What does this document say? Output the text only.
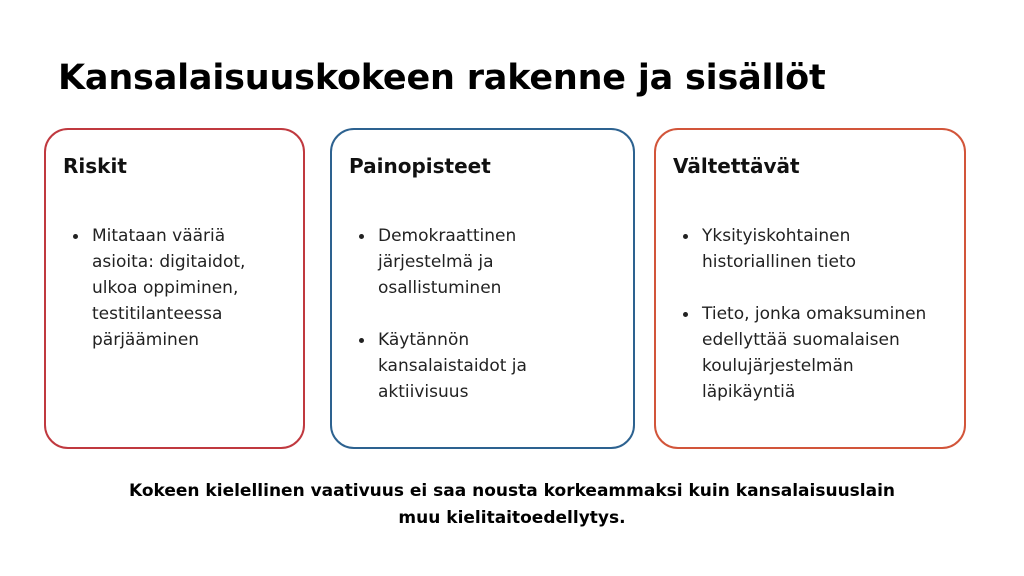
Kansalaisuuskokeen rakenne ja sisällöt
Riskit
Mitataan vääriä asioita: digitaidot, ulkoa oppiminen, testitilanteessa pärjääminen
Painopisteet
Demokraattinen järjestelmä ja osallistuminen
Käytännön kansalaistaidot ja aktiivisuus
Vältettävät
Yksityiskohtainen historiallinen tieto
Tieto, jonka omaksuminen edellyttää suomalaisen koulujärjestelmän läpikäyntiä

Kokeen kielellinen vaativuus ei saa nousta korkeammaksi kuin kansalaisuuslain muu kielitaitoedellytys.
